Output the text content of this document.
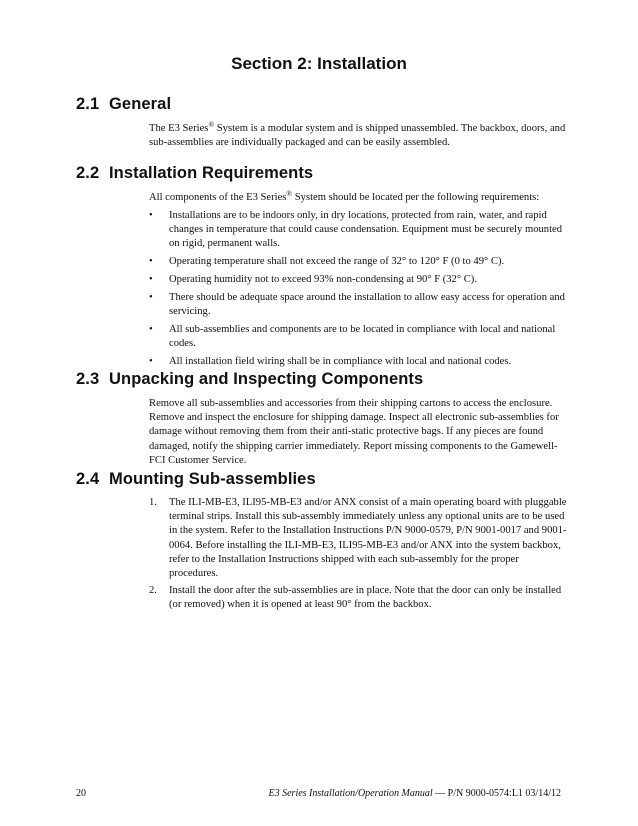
Section 2: Installation
2.1 General

The E3 Series® System is a modular system and is shipped unassembled. The backbox, doors, and sub-assemblies are individually packaged and can be easily assembled.

2.2 Installation Requirements

All components of the E3 Series® System should be located per the following requirements:

• Installations are to be indoors only, in dry locations, protected from rain, water, and rapid changes in temperature that could cause condensation. Equipment must be securely mounted on rigid, permanent walls.
• Operating temperature shall not exceed the range of 32° to 120° F (0 to 49° C).
• Operating humidity not to exceed 93% non-condensing at 90° F (32° C).
• There should be adequate space around the installation to allow easy access for operation and servicing.
• All sub-assemblies and components are to be located in compliance with local and national codes.
• All installation field wiring shall be in compliance with local and national codes.
2.3 Unpacking and Inspecting Components

Remove all sub-assemblies and accessories from their shipping cartons to access the enclosure. Remove and inspect the enclosure for shipping damage. Inspect all electronic sub-assemblies for damage without removing them from their anti-static protective bags. If any pieces are found damaged, notify the shipping carrier immediately. Report missing components to the Gamewell-FCI Customer Service.

2.4 Mounting Sub-assemblies
1. The ILI-MB-E3, ILI95-MB-E3 and/or ANX consist of a main operating board with pluggable terminal strips. Install this sub-assembly immediately unless any optional units are to be used in the system. Refer to the Installation Instructions P/N 9000-0579, P/N 9001-0017 and 9001-0064. Before installing the ILI-MB-E3, ILI95-MB-E3 and/or ANX into the system backbox, refer to the Installation Instructions shipped with each sub-assembly for the proper procedures.
2. Install the door after the sub-assemblies are in place. Note that the door can only be installed (or removed) when it is opened at least 90° from the backbox.

20	E3 Series Installation/Operation Manual — P/N 9000-0574:L1 03/14/12
